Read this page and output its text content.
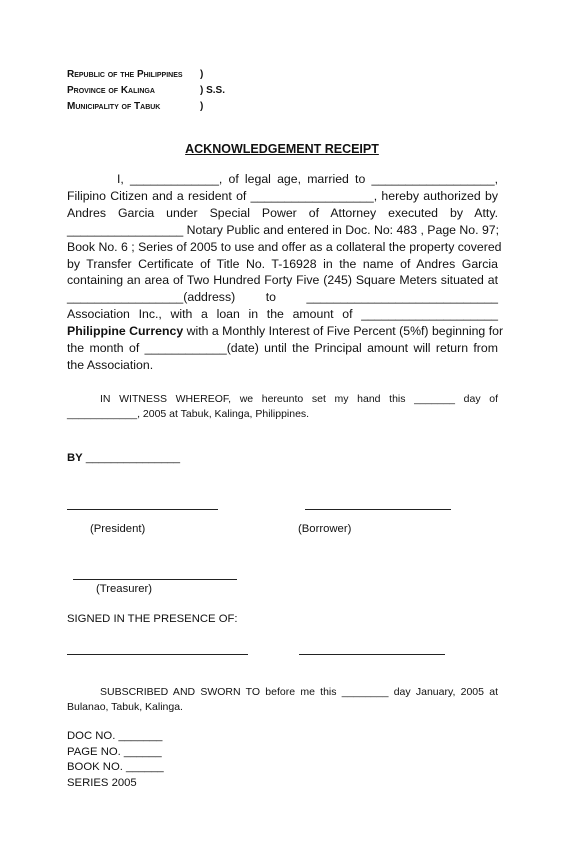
Republic of the Philippines )
Province of Kalinga	) S.S.
Municipality of Tabuk	)
ACKNOWLEDGEMENT RECEIPT
I, _____________, of legal age, married to __________________,
Filipino Citizen and a resident of __________________, hereby authorized by
Andres Garcia under Special Power of Attorney executed by Atty.
_________________ Notary Public and entered in Doc. No: 483 , Page No. 97;
Book No. 6 ; Series of 2005 to use and offer as a collateral the property covered
by Transfer Certificate of Title No. T-16928 in the name of Andres Garcia
containing an area of Two Hundred Forty Five (245) Square Meters situated at
_________________(address) to ____________________________
Association Inc., with a loan in the amount of ____________________
Philippine Currency with a Monthly Interest of Five Percent (5%f) beginning for
the month of ____________(date) until the Principal amount will return from
the Association.
IN WITNESS WHEREOF, we hereunto set my hand this _______ day of
____________, 2005 at Tabuk, Kalinga, Philippines.
BY _______________
(President)	(Borrower)
(Treasurer)
SIGNED IN THE PRESENCE OF:
SUBSCRIBED AND SWORN TO before me this ________ day January, 2005 at
Bulanao, Tabuk, Kalinga.
DOC NO. _______
PAGE NO. ______
BOOK NO. ______
SERIES 2005
